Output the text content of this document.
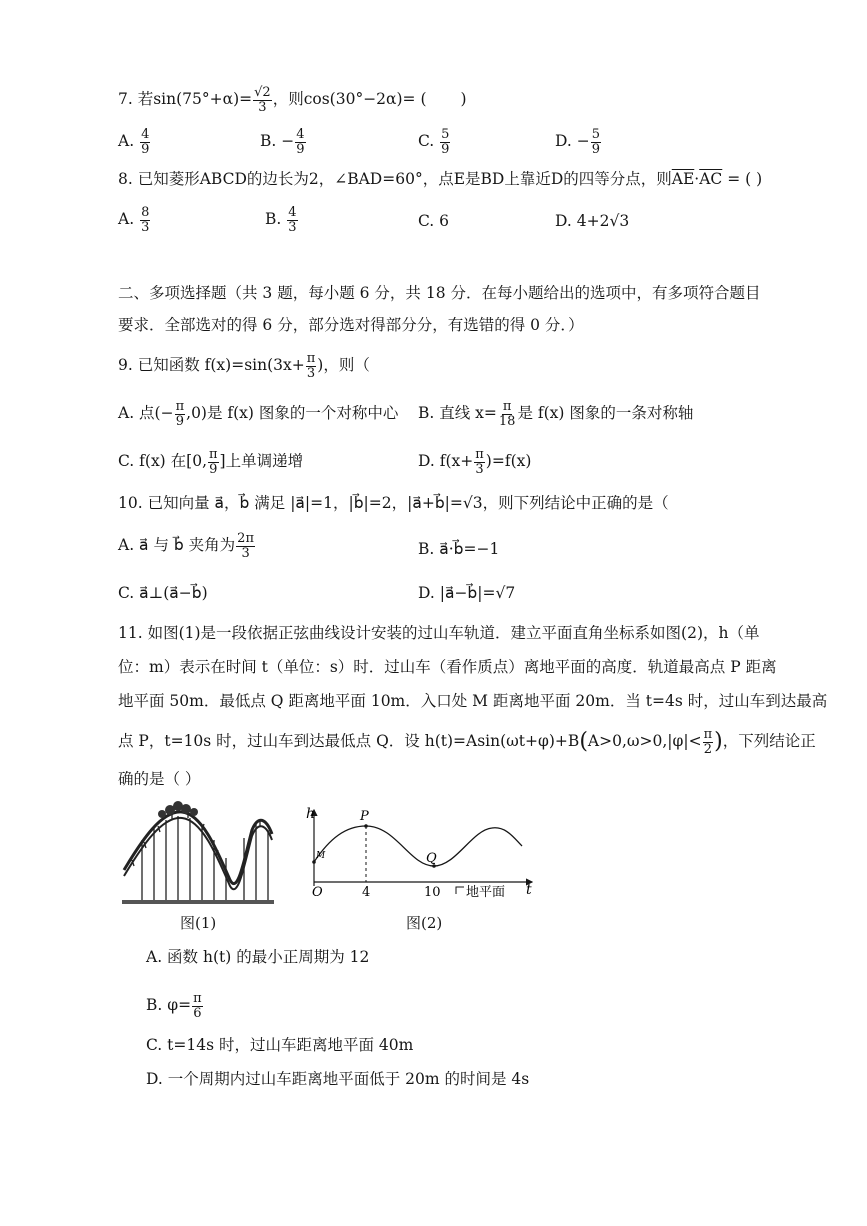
7. 若$\sin(75^\circ+\alpha)= \frac{√2}{3}$ ，则cos(30°−2α)= ( )
A. $\frac{4}{9}$	B. − $\frac{4}{9}$	C. $\frac{5}{9}$	D. − $\frac{5}{9}$
8. 已知菱形ABCD的边长为2，∠BAD=60°，点E是BD上靠近D的四等分点，则$\overline{AE}\cdot\overline{AC}$ = ( )
A. $\frac{8}{3}$	B. $\frac{4}{3}$	C. 6	D. 4+2√3
二、多项选择题（共 3 题，每小题 6 分，共 18 分．在每小题给出的选项中，有多项符合题目
要求．全部选对的得 6 分，部分选对得部分分，有选错的得 0 分．）
9. 已知函数 $f(x)=\sin(3x+ \frac{\pi}{3}$ )，则（
A. 点(− $\frac{\pi}{9} ,0$)是 f(x) 图象的一个对称中心 B. 直线 $x= \frac{\pi}{18}$ 是 f(x) 图象的一条对称轴
C. f(x) 在[0, $\frac{\pi}{9}$ ]上单调递增	D. $f(x+ \frac{\pi}{3} )=f(x)$
10. 已知向量 a⃗，b⃗ 满足 |a⃗|=1，|b⃗|=2，|a⃗+b⃗|=√3，则下列结论中正确的是（
A. a⃗ 与 b⃗ 夹角为 $\frac{2\pi}{3}$	B. a⃗·b⃗=−1
C. a⃗⊥(a⃗−b⃗)	D. |a⃗−b⃗|=√7
11. 如图(1)是一段依据正弦曲线设计安装的过山车轨道．建立平面直角坐标系如图(2)，h（单
位：m）表示在时间 t（单位：s）时．过山车（看作质点）离地平面的高度．轨道最高点 P 距离
地平面 50m．最低点 Q 距离地平面 10m．入口处 M 距离地平面 20m．当 t=4s 时，过山车到达最高
点 P，t=10s 时，过山车到达最低点 Q．设 $h(t)=Asin(\omega t+\varphi)+B(A>0,\omega>0,|\varphi|< \frac{\pi}{2}$ )，下列结论正
确的是（ ）
图(1)
h
t
O
P
Q
M
4	10 地平面
图(2)
A. 函数 h(t) 的最小正周期为 12
B. $\varphi= \frac{\pi}{6}$
C. t=14s 时，过山车距离地平面 40m
D. 一个周期内过山车距离地平面低于 20m 的时间是 4s
